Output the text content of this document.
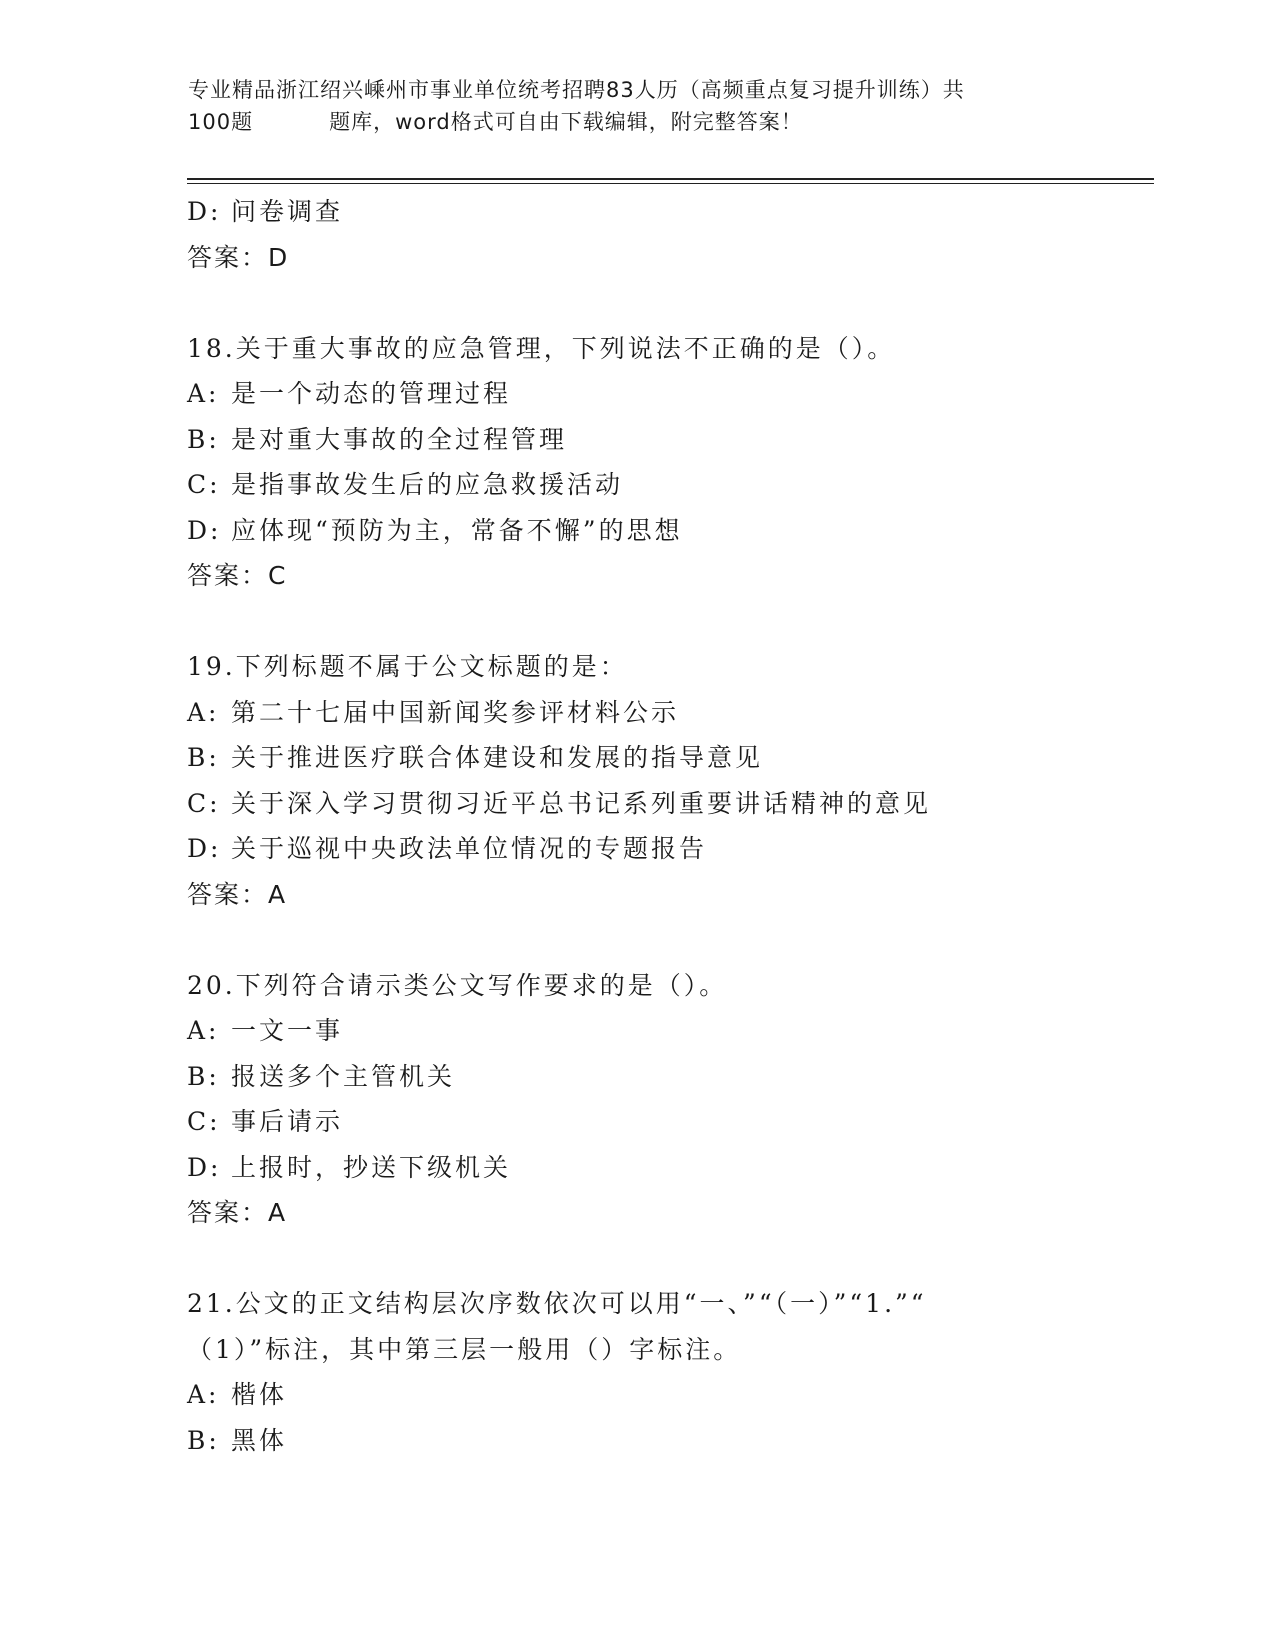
专业精品浙江绍兴嵊州市事业单位统考招聘83人历（高频重点复习提升训练）共
100题	题库，word格式可自由下载编辑，附完整答案！
D: 问卷调查
答案：D
18.关于重大事故的应急管理，下列说法不正确的是（）。
A: 是一个动态的管理过程
B: 是对重大事故的全过程管理
C: 是指事故发生后的应急救援活动
D: 应体现“预防为主，常备不懈”的思想
答案：C
19.下列标题不属于公文标题的是：
A: 第二十七届中国新闻奖参评材料公示
B: 关于推进医疗联合体建设和发展的指导意见
C: 关于深入学习贯彻习近平总书记系列重要讲话精神的意见
D: 关于巡视中央政法单位情况的专题报告
答案：A
20.下列符合请示类公文写作要求的是（）。
A: 一文一事
B: 报送多个主管机关
C: 事后请示
D: 上报时，抄送下级机关
答案：A
21.公文的正文结构层次序数依次可以用“一、”“（一）”“1.”“
（1）”标注，其中第三层一般用（）字标注。
A: 楷体
B: 黑体
